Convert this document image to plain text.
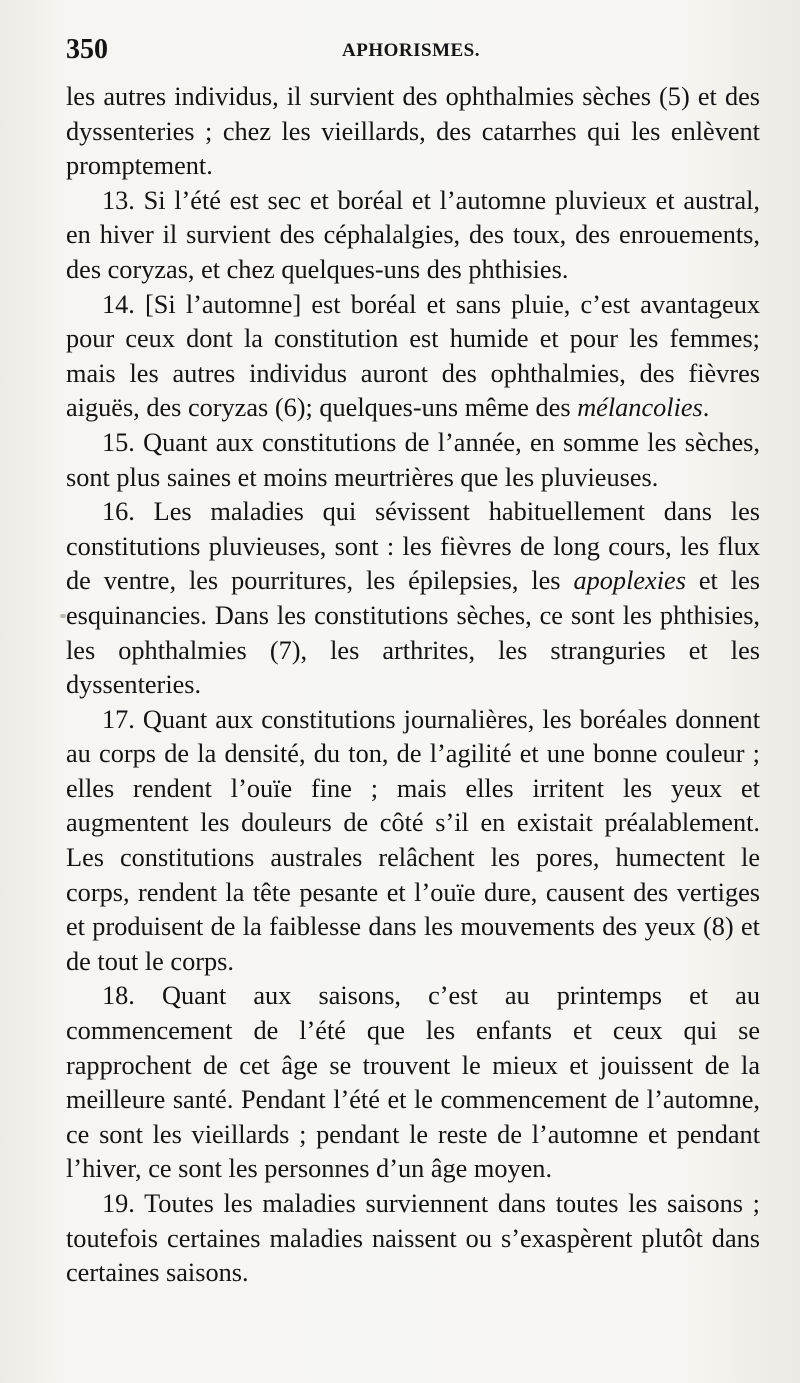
350	APHORISMES.

les autres individus, il survient des ophthalmies sèches (5) et des dyssenteries ; chez les vieillards, des catarrhes qui les enlèvent promptement.

13. Si l’été est sec et boréal et l’automne pluvieux et austral, en hiver il survient des céphalalgies, des toux, des enrouements, des coryzas, et chez quelques-uns des phthisies.

14. [Si l’automne] est boréal et sans pluie, c’est avantageux pour ceux dont la constitution est humide et pour les femmes; mais les autres individus auront des ophthalmies, des fièvres aiguës, des coryzas (6); quelques-uns même des mélancolies.

15. Quant aux constitutions de l’année, en somme les sèches, sont plus saines et moins meurtrières que les pluvieuses.

16. Les maladies qui sévissent habituellement dans les constitutions pluvieuses, sont : les fièvres de long cours, les flux de ventre, les pourritures, les épilepsies, les apoplexies et les esquinancies. Dans les constitutions sèches, ce sont les phthisies, les ophthalmies (7), les arthrites, les stranguries et les dyssenteries.

17. Quant aux constitutions journalières, les boréales donnent au corps de la densité, du ton, de l’agilité et une bonne couleur ; elles rendent l’ouïe fine ; mais elles irritent les yeux et augmentent les douleurs de côté s’il en existait préalablement. Les constitutions australes relâchent les pores, humectent le corps, rendent la tête pesante et l’ouïe dure, causent des vertiges et produisent de la faiblesse dans les mouvements des yeux (8) et de tout le corps.

18. Quant aux saisons, c’est au printemps et au commencement de l’été que les enfants et ceux qui se rapprochent de cet âge se trouvent le mieux et jouissent de la meilleure santé. Pendant l’été et le commencement de l’automne, ce sont les vieillards ; pendant le reste de l’automne et pendant l’hiver, ce sont les personnes d’un âge moyen.

19. Toutes les maladies surviennent dans toutes les saisons ; toutefois certaines maladies naissent ou s’exaspèrent plutôt dans certaines saisons.
